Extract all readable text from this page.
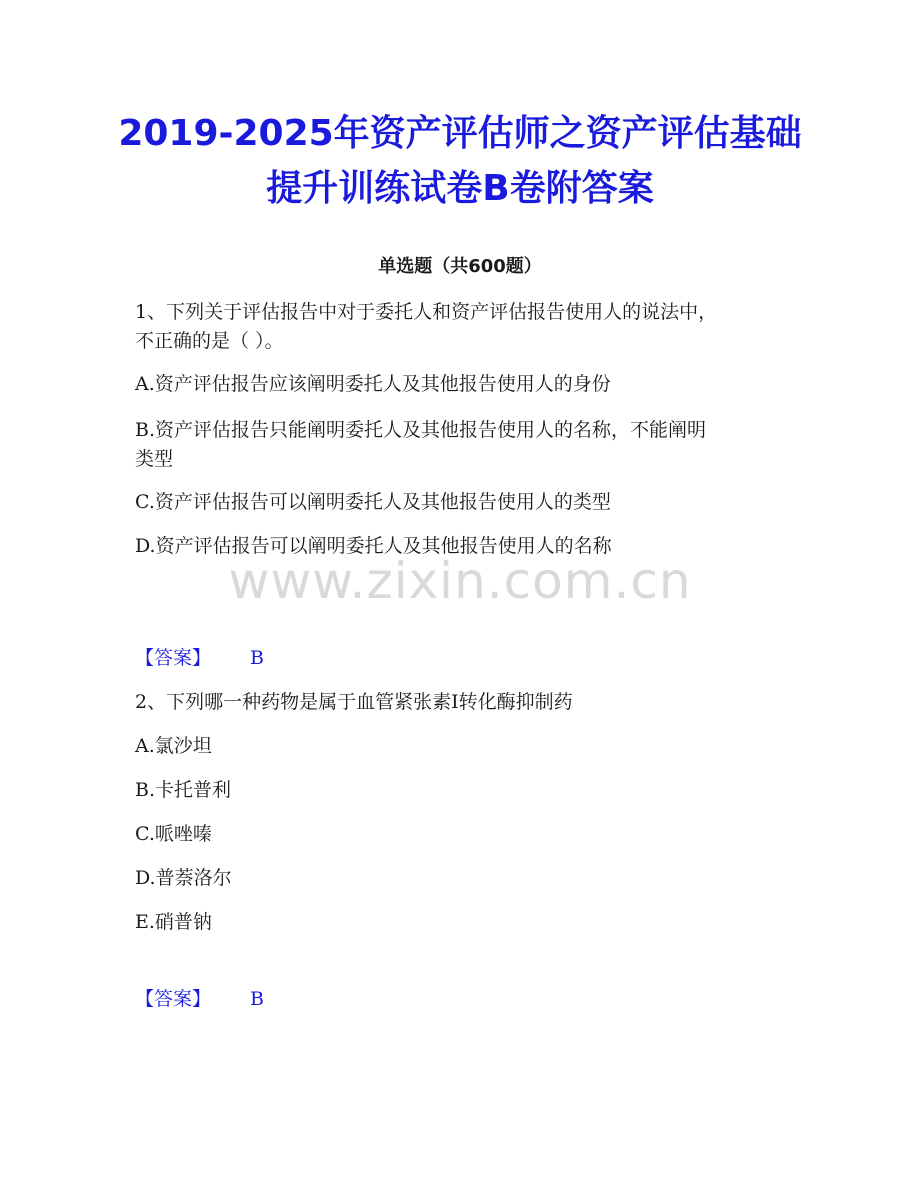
2019-2025年资产评估师之资产评估基础
提升训练试卷B卷附答案
单选题（共600题）
1、下列关于评估报告中对于委托人和资产评估报告使用人的说法中，
不正确的是（ ）。
A.资产评估报告应该阐明委托人及其他报告使用人的身份
B.资产评估报告只能阐明委托人及其他报告使用人的名称，不能阐明
类型
C.资产评估报告可以阐明委托人及其他报告使用人的类型
D.资产评估报告可以阐明委托人及其他报告使用人的名称
【答案】 B
www.zixin.com.cn
2、下列哪一种药物是属于血管紧张素Ⅰ转化酶抑制药
A.氯沙坦
B.卡托普利
C.哌唑嗪
D.普萘洛尔
E.硝普钠
【答案】 B
